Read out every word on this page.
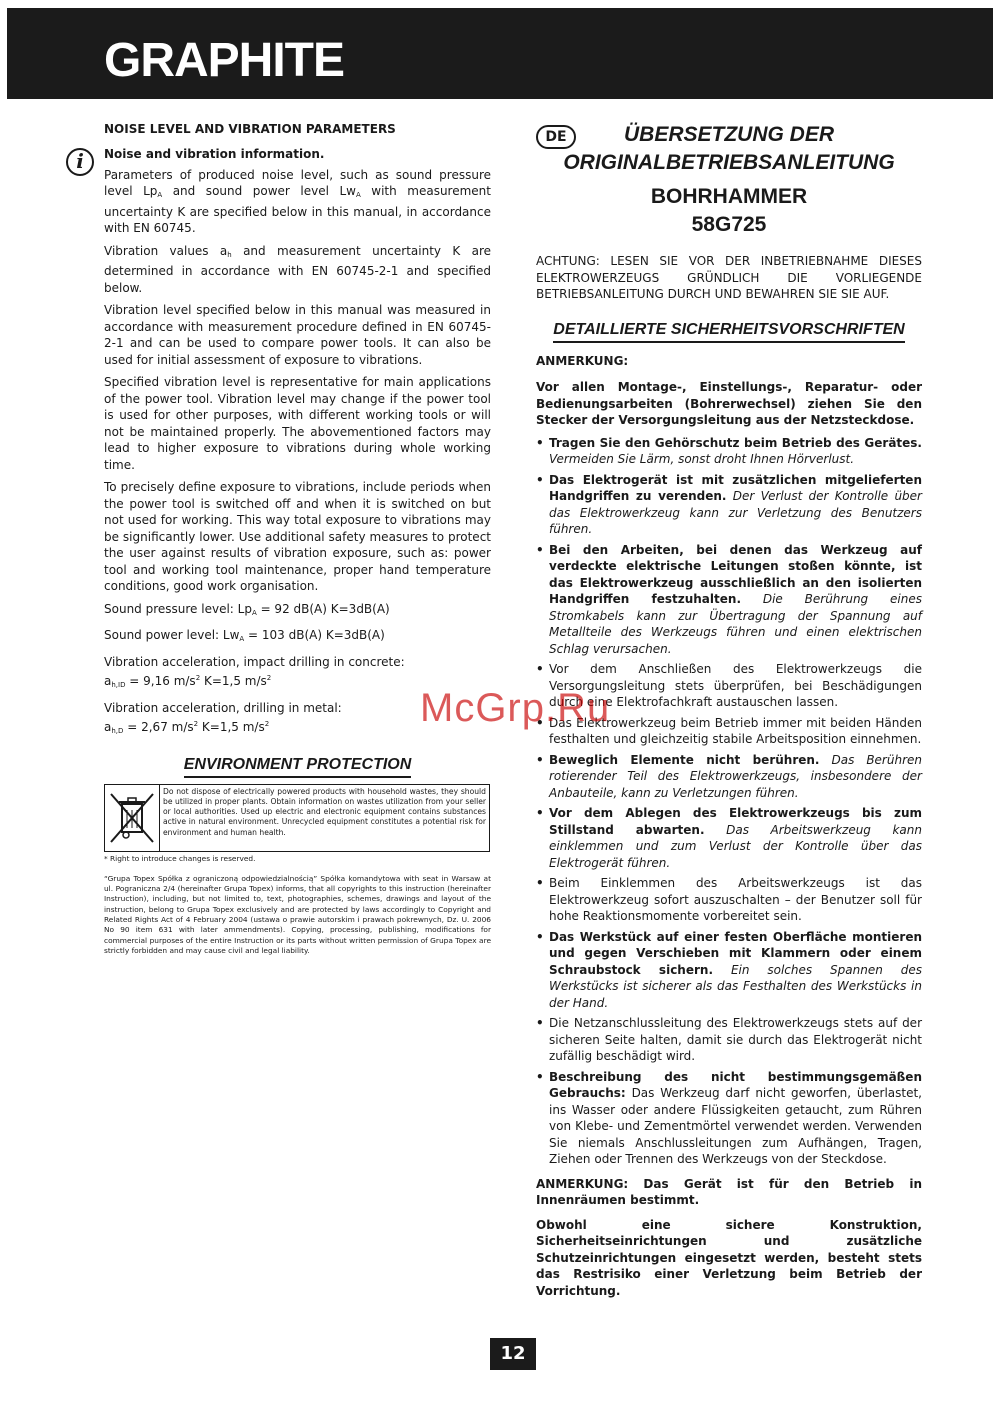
GRAPHITE
NOISE LEVEL AND VIBRATION PARAMETERS
i	Noise and vibration information.

Parameters of produced noise level, such as sound pressure level $Lp_A$ and sound power level $Lw_A$ with measurement uncertainty K are specified below in this manual, in accordance with EN 60745.

Vibration values $a_h$ and measurement uncertainty K are determined in accordance with EN 60745-2-1 and specified below.

Vibration level specified below in this manual was measured in accordance with measurement procedure defined in EN 60745-2-1 and can be used to compare power tools. It can also be used for initial assessment of exposure to vibrations.

Specified vibration level is representative for main applications of the power tool. Vibration level may change if the power tool is used for other purposes, with different working tools or will not be maintained properly. The abovementioned factors may lead to higher exposure to vibrations during whole working time.

To precisely define exposure to vibrations, include periods when the power tool is switched off and when it is switched on but not used for working. This way total exposure to vibrations may be significantly lower. Use additional safety measures to protect the user against results of vibration exposure, such as: power tool and working tool maintenance, proper hand temperature conditions, good work organisation.

Sound pressure level: $Lp_A = 92$ dB(A) K=3dB(A)

Sound power level: $Lw_A = 103$ dB(A) K=3dB(A)

Vibration acceleration, impact drilling in concrete:

$a_{h,ID} = 9,16$ $m/s^2$ K=1,5 $m/s^2$

Vibration acceleration, drilling in metal:

$a_{h,D} = 2,67$ $m/s^2$ K=1,5 $m/s^2$

ENVIRONMENT PROTECTION
Do not dispose of electrically powered products with household wastes, they should be utilized in proper plants. Obtain information on wastes utilization from your seller or local authorities. Used up electric and electronic equipment contains substances active in natural environment. Unrecycled equipment constitutes a potential risk for environment and human health.
* Right to introduce changes is reserved.
“Grupa Topex Spółka z ograniczoną odpowiedzialnością” Spółka komandytowa with seat in Warsaw at ul. Pograniczna 2/4 (hereinafter Grupa Topex) informs, that all copyrights to this instruction (hereinafter Instruction), including, but not limited to, text, photographies, schemes, drawings and layout of the instruction, belong to Grupa Topex exclusively and are protected by laws accordingly to Copyright and Related Rights Act of 4 February 2004 (ustawa o prawie autorskim i prawach pokrewnych, Dz. U. 2006 No 90 item 631 with later ammendments). Copying, processing, publishing, modifications for commercial purposes of the entire Instruction or its parts without written permission of Grupa Topex are strictly forbidden and may cause civil and legal liability.
DE	ÜBERSETZUNG DER
ORIGINALBETRIEBSANLEITUNG
BOHRHAMMER
58G725

ACHTUNG: LESEN SIE VOR DER INBETRIEBNAHME DIESES ELEKTROWERZEUGS GRÜNDLICH DIE VORLIEGENDE BETRIEBSANLEITUNG DURCH UND BEWAHREN SIE SIE AUF.

DETAILLIERTE SICHERHEITSVORSCHRIFTEN
ANMERKUNG:

Vor allen Montage-, Einstellungs-, Reparatur- oder Bedienungsarbeiten (Bohrerwechsel) ziehen Sie den Stecker der Versorgungsleitung aus der Netzsteckdose.

• Tragen Sie den Gehörschutz beim Betrieb des Gerätes. Vermeiden Sie Lärm, sonst droht Ihnen Hörverlust.
• Das Elektrogerät ist mit zusätzlichen mitgelieferten Handgriffen zu verenden. Der Verlust der Kontrolle über das Elektrowerkzeug kann zur Verletzung des Benutzers führen.
• Bei den Arbeiten, bei denen das Werkzeug auf verdeckte elektrische Leitungen stoßen könnte, ist das Elektrowerkzeug ausschließlich an den isolierten Handgriffen festzuhalten. Die Berührung eines Stromkabels kann zur Übertragung der Spannung auf Metallteile des Werkzeugs führen und einen elektrischen Schlag verursachen.
• Vor dem Anschließen des Elektrowerkzeugs die Versorgungsleitung stets überprüfen, bei Beschädigungen durch eine Elektrofachkraft austauschen lassen.
• Das Elektrowerkzeug beim Betrieb immer mit beiden Händen festhalten und gleichzeitig stabile Arbeitsposition einnehmen.
• Beweglich Elemente nicht berühren. Das Berühren rotierender Teil des Elektrowerkzeugs, insbesondere der Anbauteile, kann zu Verletzungen führen.
• Vor dem Ablegen des Elektrowerkzeugs bis zum Stillstand abwarten. Das Arbeitswerkzeug kann einklemmen und zum Verlust der Kontrolle über das Elektrogerät führen.
• Beim Einklemmen des Arbeitswerkzeugs ist das Elektrowerkzeug sofort auszuschalten – der Benutzer soll für hohe Reaktionsmomente vorbereitet sein.
• Das Werkstück auf einer festen Oberfläche montieren und gegen Verschieben mit Klammern oder einem Schraubstock sichern. Ein solches Spannen des Werkstücks ist sicherer als das Festhalten des Werkstücks in der Hand.
• Die Netzanschlussleitung des Elektrowerkzeugs stets auf der sicheren Seite halten, damit sie durch das Elektrogerät nicht zufällig beschädigt wird.
• Beschreibung des nicht bestimmungsgemäßen Gebrauchs: Das Werkzeug darf nicht geworfen, überlastet, ins Wasser oder andere Flüssigkeiten getaucht, zum Rühren von Klebe- und Zementmörtel verwendet werden. Verwenden Sie niemals Anschlussleitungen zum Aufhängen, Tragen, Ziehen oder Trennen des Werkzeugs von der Steckdose.

ANMERKUNG: Das Gerät ist für den Betrieb in Innenräumen bestimmt.

Obwohl eine sichere Konstruktion, Sicherheitseinrichtungen und zusätzliche Schutzeinrichtungen eingesetzt werden, besteht stets das Restrisiko einer Verletzung beim Betrieb der Vorrichtung.

McGrp.Ru
12
